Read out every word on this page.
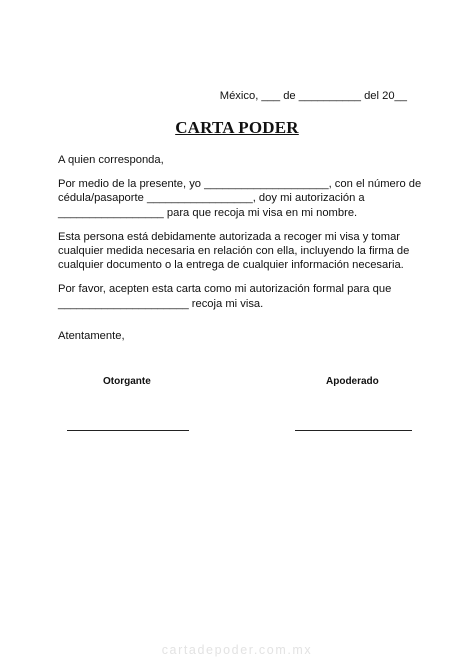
México, ___ de __________ del 20__
CARTA PODER

A quien corresponda,

Por medio de la presente, yo ____________________, con el número de
cédula/pasaporte _________________, doy mi autorización a
_________________ para que recoja mi visa en mi nombre.

Esta persona está debidamente autorizada a recoger mi visa y tomar
cualquier medida necesaria en relación con ella, incluyendo la firma de
cualquier documento o la entrega de cualquier información necesaria.

Por favor, acepten esta carta como mi autorización formal para que
_____________________ recoja mi visa.

Atentamente,
Otorgante	Apoderado
cartadepoder.com.mx
